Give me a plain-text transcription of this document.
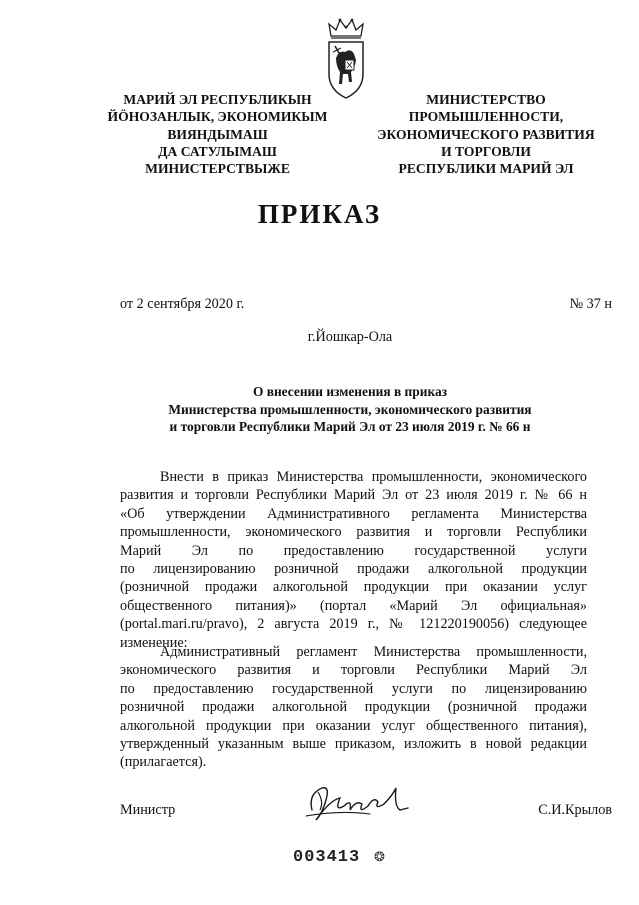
МАРИЙ ЭЛ РЕСПУБЛИКЫН
ЙӦНОЗАНЛЫК, ЭКОНОМИКЫМ
ВИЯНДЫМАШ
ДА САТУЛЫМАШ
МИНИСТЕРСТВЫЖЕ
МИНИСТЕРСТВО
ПРОМЫШЛЕННОСТИ,
ЭКОНОМИЧЕСКОГО РАЗВИТИЯ
И ТОРГОВЛИ
РЕСПУБЛИКИ МАРИЙ ЭЛ
ПРИКАЗ
от 2 сентября 2020 г.	№ 37 н
г.Йошкар-Ола
О внесении изменения в приказ
Министерства промышленности, экономического развития
и торговли Республики Марий Эл от 23 июля 2019 г. № 66 н
Внести в приказ Министерства промышленности, экономического
развития и торговли Республики Марий Эл от 23 июля 2019 г. № 66 н
«Об утверждении Административного регламента Министерства
промышленности, экономического развития и торговли Республики
Марий Эл по предоставлению государственной услуги
по лицензированию розничной продажи алкогольной продукции
(розничной продажи алкогольной продукции при оказании услуг
общественного питания)» (портал «Марий Эл официальная»
(portal.mari.ru/pravo), 2 августа 2019 г., № 121220190056) следующее
изменение:
Административный регламент Министерства промышленности,
экономического развития и торговли Республики Марий Эл
по предоставлению государственной услуги по лицензированию
розничной продажи алкогольной продукции (розничной продажи
алкогольной продукции при оказании услуг общественного питания),
утвержденный указанным выше приказом, изложить в новой редакции
(прилагается).
Министр	С.И.Крылов
003413 ❂
